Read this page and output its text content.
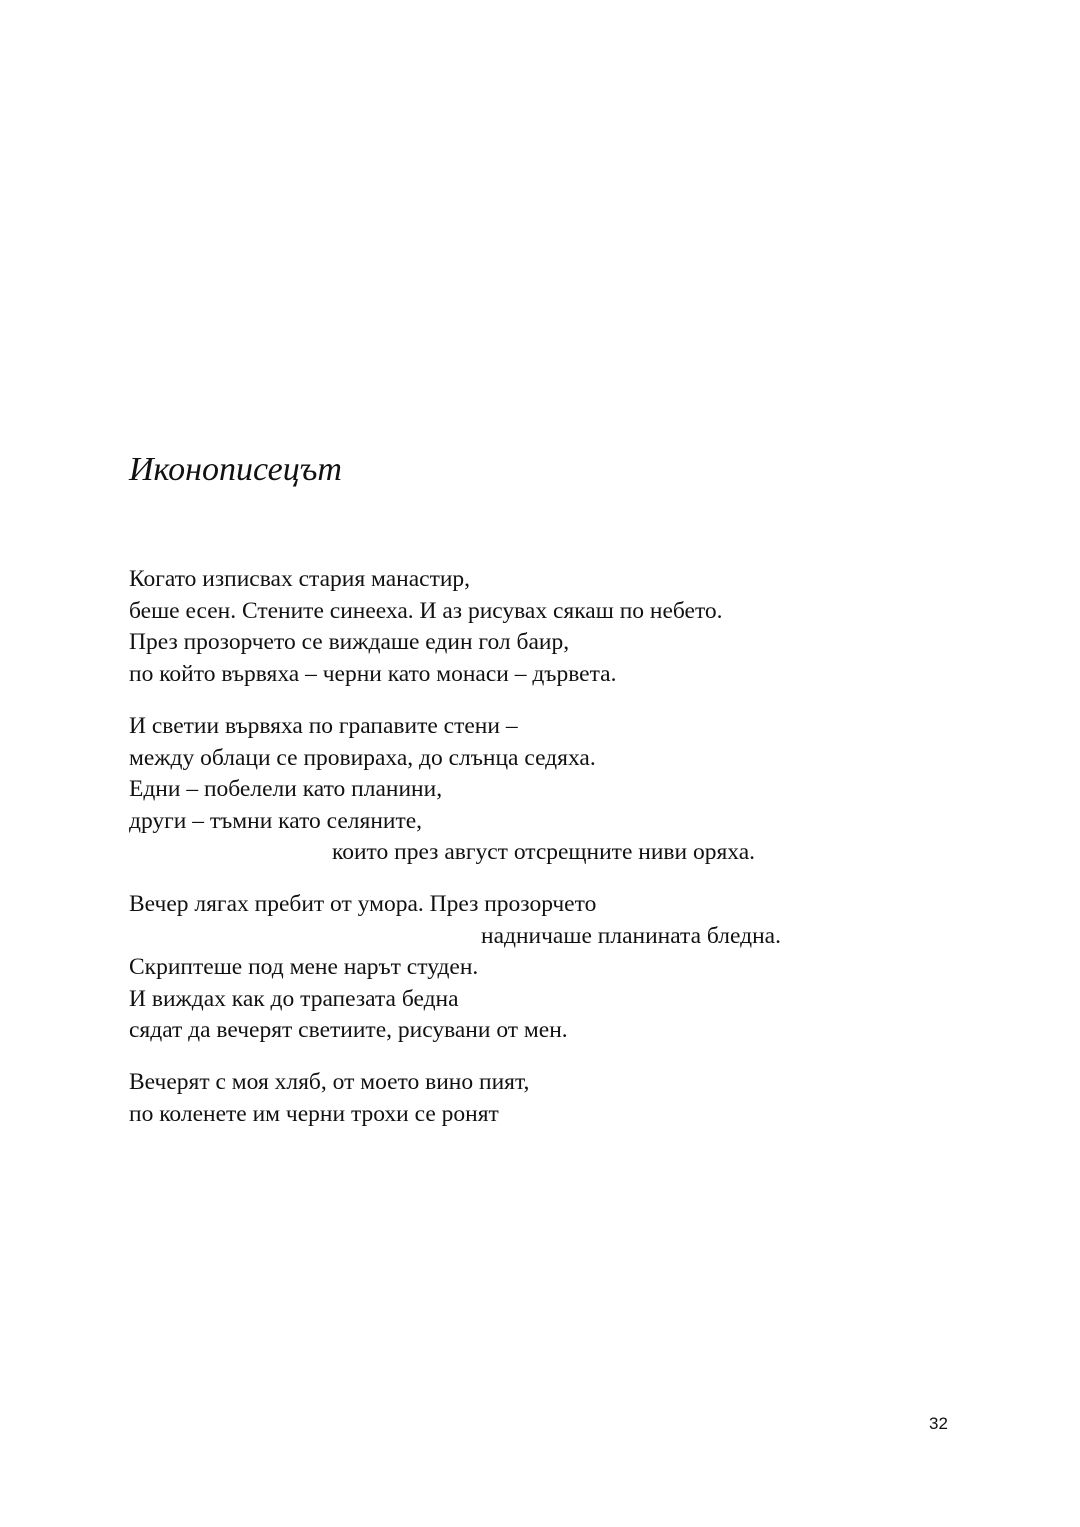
Иконописецът
Когато изписвах стария манастир,
беше есен. Стените синееха. И аз рисувах сякаш по небето.
През прозорчето се виждаше един гол баир,
по който вървяха – черни като монаси – дървета.
И светии вървяха по грапавите стени –
между облаци се провираха, до слънца седяха.
Едни – побелели като планини,
други – тъмни като селяните,
които през август отсрещните ниви оряха.
Вечер лягах пребит от умора. През прозорчето
надничаше планината бледна.
Скриптеше под мене нарът студен.
И виждах как до трапезата бедна
сядат да вечерят светиите, рисувани от мен.
Вечерят с моя хляб, от моето вино пият,
по коленете им черни трохи се ронят
32
